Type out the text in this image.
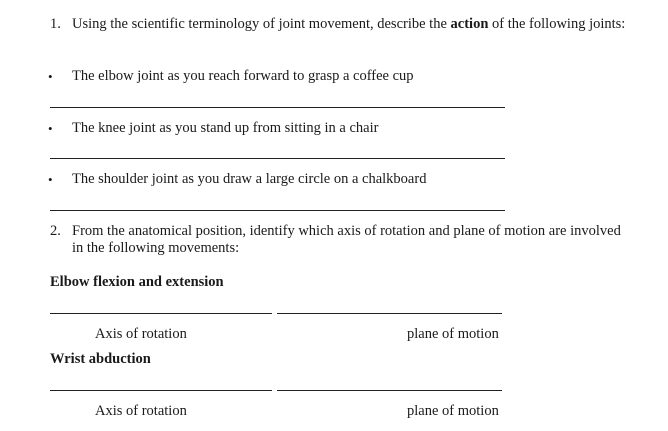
1. Using the scientific terminology of joint movement, describe the action of the following joints:
• The elbow joint as you reach forward to grasp a coffee cup
• The knee joint as you stand up from sitting in a chair
• The shoulder joint as you draw a large circle on a chalkboard
2. From the anatomical position, identify which axis of rotation and plane of motion are involved in the following movements:
Elbow flexion and extension
Axis of rotation	plane of motion
Wrist abduction
Axis of rotation	plane of motion
